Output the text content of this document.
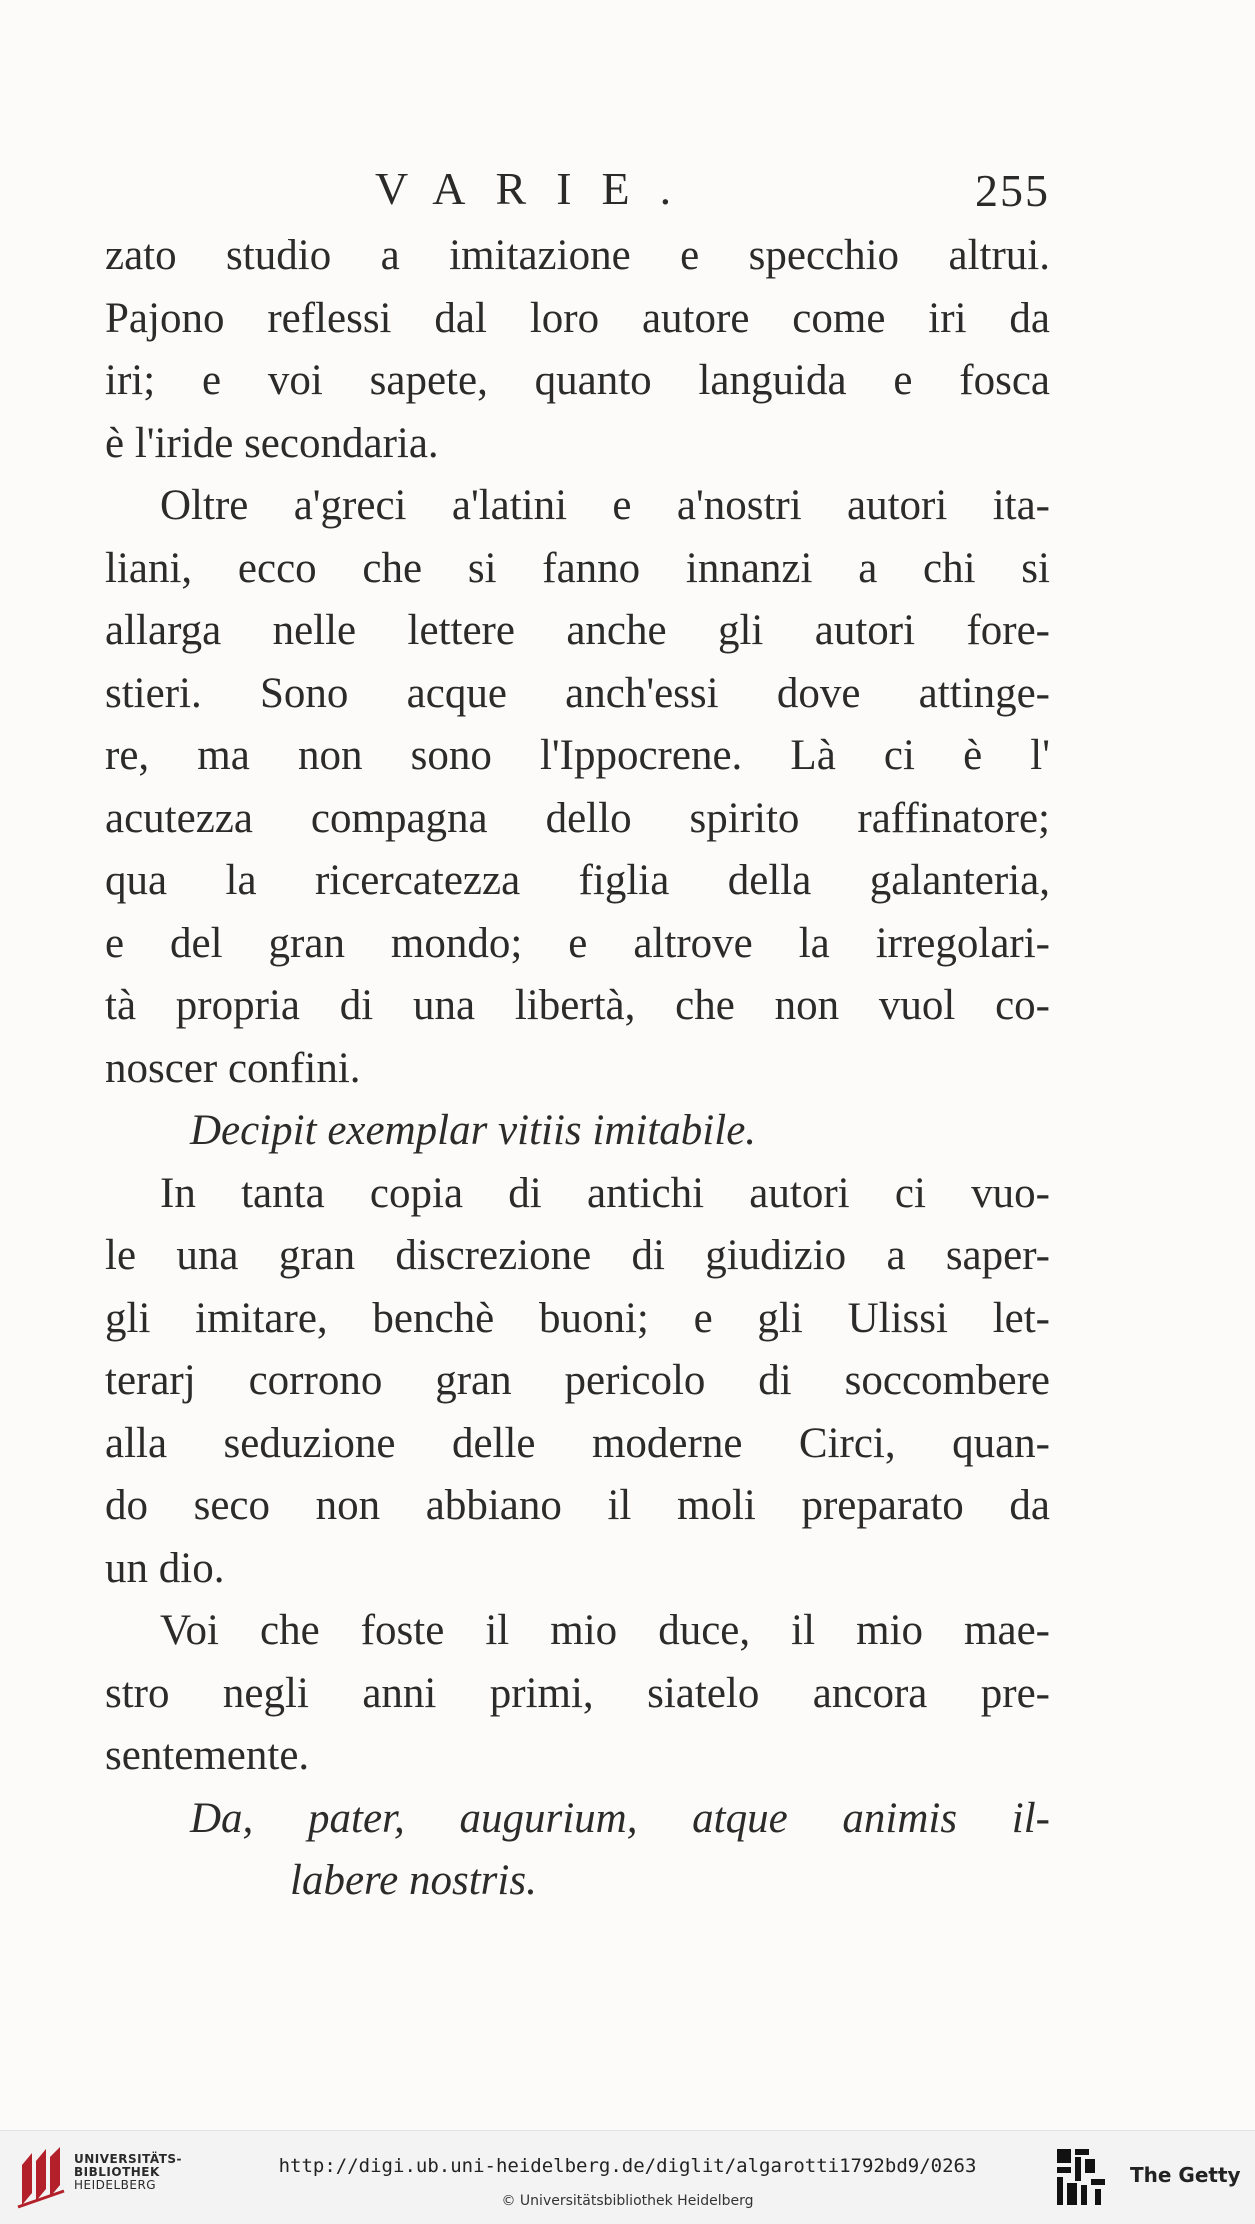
VARIE.	255
zato studio a imitazione e specchio altrui.
Pajono reflessi dal loro autore come iri da
iri; e voi sapete, quanto languida e fosca
è l'iride secondaria.
Oltre a'greci a'latini e a'nostri autori ita-
liani, ecco che si fanno innanzi a chi si
allarga nelle lettere anche gli autori fore-
stieri. Sono acque anch'essi dove attinge-
re, ma non sono l'Ippocrene. Là ci è l'
acutezza compagna dello spirito raffinatore;
qua la ricercatezza figlia della galanteria,
e del gran mondo; e altrove la irregolari-
tà propria di una libertà, che non vuol co-
noscer confini.
Decipit exemplar vitiis imitabile.
In tanta copia di antichi autori ci vuo-
le una gran discrezione di giudizio a saper-
gli imitare, benchè buoni; e gli Ulissi let-
terarj corrono gran pericolo di soccombere
alla seduzione delle moderne Circi, quan-
do seco non abbiano il moli preparato da
un dio.
Voi che foste il mio duce, il mio mae-
stro negli anni primi, siatelo ancora pre-
sentemente.
Da, pater, augurium, atque animis il-
labere nostris.
UNIVERSITÄTS-
BIBLIOTHEK
HEIDELBERG
http://digi.ub.uni-heidelberg.de/diglit/algarotti1792bd9/0263
© Universitätsbibliothek Heidelberg
The Getty
